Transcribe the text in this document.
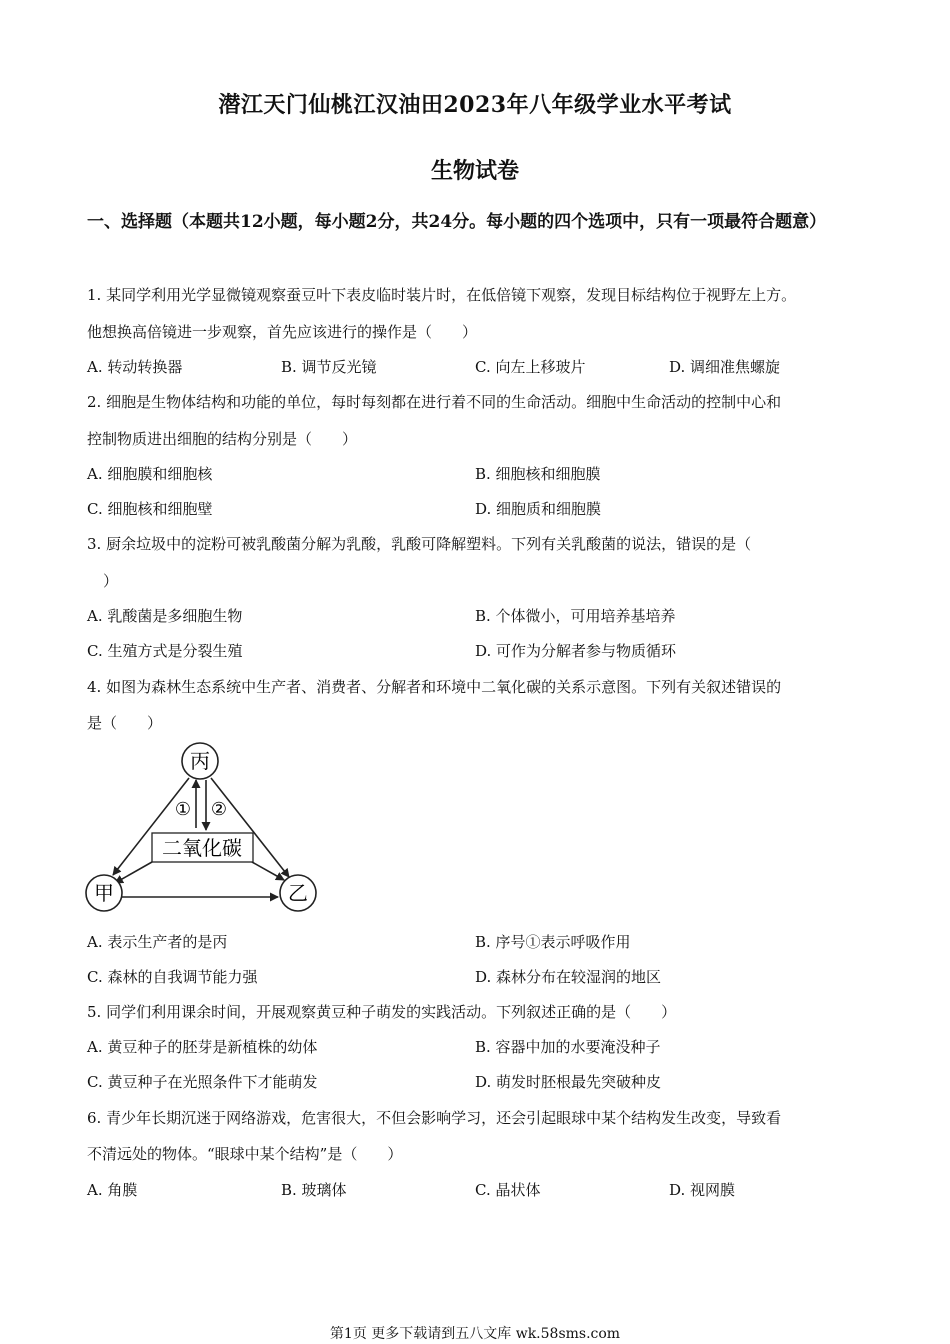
潜江天门仙桃江汉油田2023年八年级学业水平考试
生物试卷
一、选择题（本题共12小题，每小题2分，共24分。每小题的四个选项中，只有一项最符合题意）
1. 某同学利用光学显微镜观察蚕豆叶下表皮临时装片时，在低倍镜下观察，发现目标结构位于视野左上方。
他想换高倍镜进一步观察，首先应该进行的操作是（　　）
A. 转动转换器	B. 调节反光镜	C. 向左上移玻片	D. 调细准焦螺旋
2. 细胞是生物体结构和功能的单位，每时每刻都在进行着不同的生命活动。细胞中生命活动的控制中心和
控制物质进出细胞的结构分别是（　　）
A. 细胞膜和细胞核	B. 细胞核和细胞膜
C. 细胞核和细胞壁	D. 细胞质和细胞膜
3. 厨余垃圾中的淀粉可被乳酸菌分解为乳酸，乳酸可降解塑料。下列有关乳酸菌的说法，错误的是（
）
A. 乳酸菌是多细胞生物	B. 个体微小，可用培养基培养
C. 生殖方式是分裂生殖	D. 可作为分解者参与物质循环
4. 如图为森林生态系统中生产者、消费者、分解者和环境中二氧化碳的关系示意图。下列有关叙述错误的
是（　　）
二氧化碳
丙
甲	乙
① ②
A. 表示生产者的是丙	B. 序号①表示呼吸作用
C. 森林的自我调节能力强	D. 森林分布在较湿润的地区
5. 同学们利用课余时间，开展观察黄豆种子萌发的实践活动。下列叙述正确的是（　　）
A. 黄豆种子的胚芽是新植株的幼体	B. 容器中加的水要淹没种子
C. 黄豆种子在光照条件下才能萌发	D. 萌发时胚根最先突破种皮
6. 青少年长期沉迷于网络游戏，危害很大，不但会影响学习，还会引起眼球中某个结构发生改变，导致看
不清远处的物体。“眼球中某个结构”是（　　）
A. 角膜	B. 玻璃体	C. 晶状体	D. 视网膜
第1页 更多下载请到五八文库 wk.58sms.com
